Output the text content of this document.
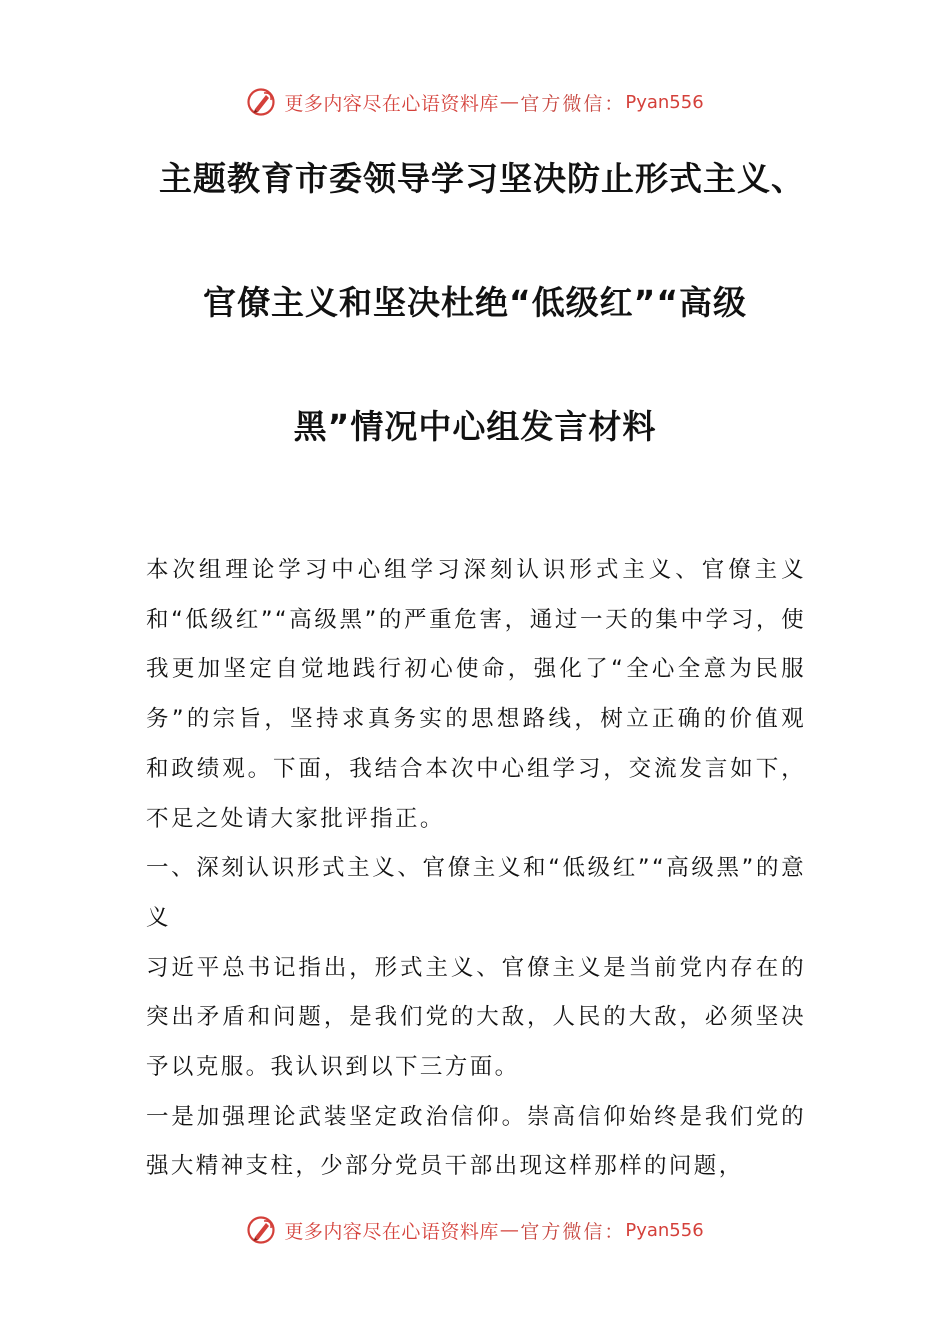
更多内容尽在心语资料库 — 官方微信： Pyan556
主题教育市委领导学习坚决防止形式主义、
官僚主义和坚决杜绝“低级红”“高级
黑”情况中心组发言材料

本次组理论学习中心组学习深刻认识形式主义、官僚主义和“低级红”“高级黑”的严重危害，通过一天的集中学习，使我更加坚定自觉地践行初心使命，强化了“全心全意为民服务”的宗旨，坚持求真务实的思想路线，树立正确的价值观和政绩观。下面，我结合本次中心组学习，交流发言如下，不足之处请大家批评指正。

一、深刻认识形式主义、官僚主义和“低级红”“高级黑”的意义

习近平总书记指出，形式主义、官僚主义是当前党内存在的突出矛盾和问题，是我们党的大敌，人民的大敌，必须坚决予以克服。我认识到以下三方面。

一是加强理论武装坚定政治信仰。崇高信仰始终是我们党的强大精神支柱，少部分党员干部出现这样那样的问题，

更多内容尽在心语资料库 — 官方微信： Pyan556
